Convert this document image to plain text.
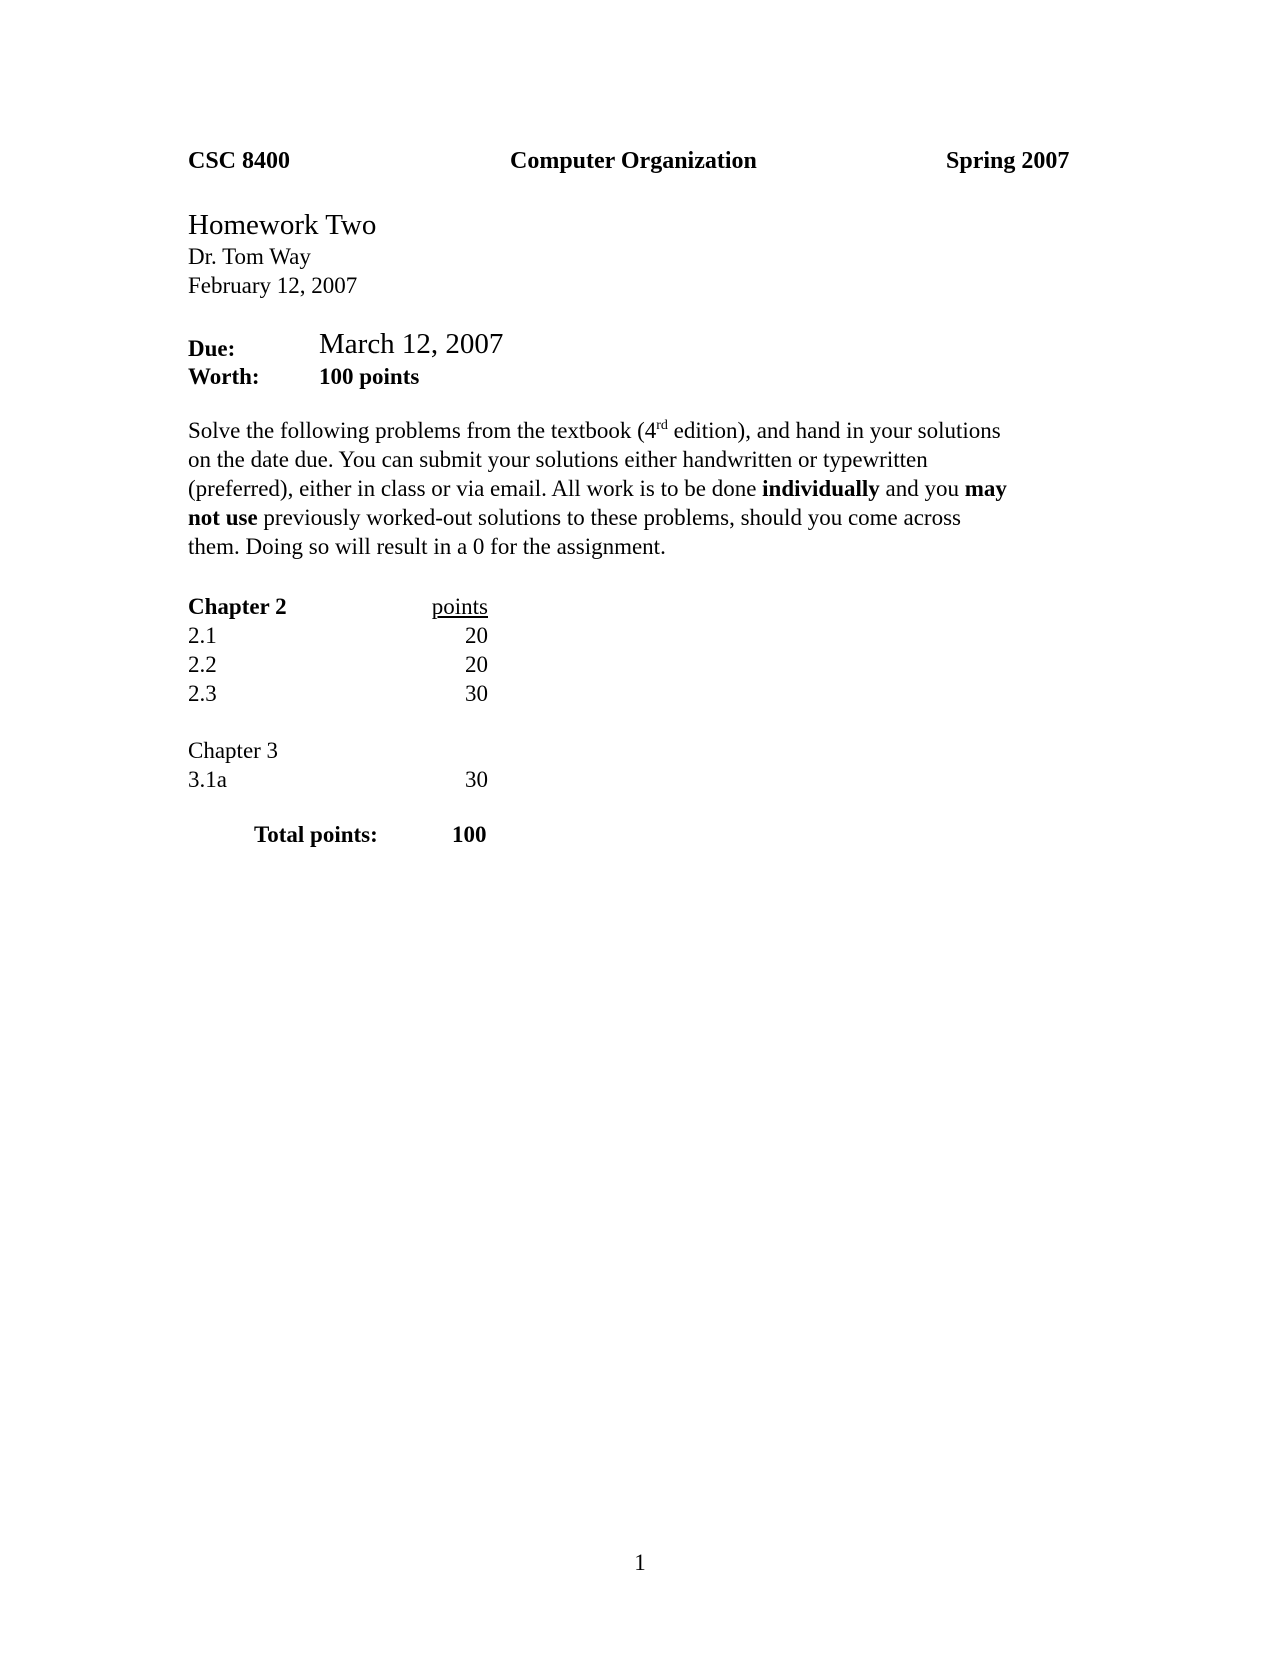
CSC 8400	Computer Organization	Spring 2007
Homework Two
Dr. Tom Way
February 12, 2007
Due:	March 12, 2007
Worth:	100 points
Solve the following problems from the textbook (4rd edition), and hand in your solutions
on the date due. You can submit your solutions either handwritten or typewritten
(preferred), either in class or via email. All work is to be done individually and you may
not use previously worked-out solutions to these problems, should you come across
them. Doing so will result in a 0 for the assignment.
Chapter 2	points
2.1	20
2.2	20
2.3	30
Chapter 3
3.1a	30
Total points:	100
1
